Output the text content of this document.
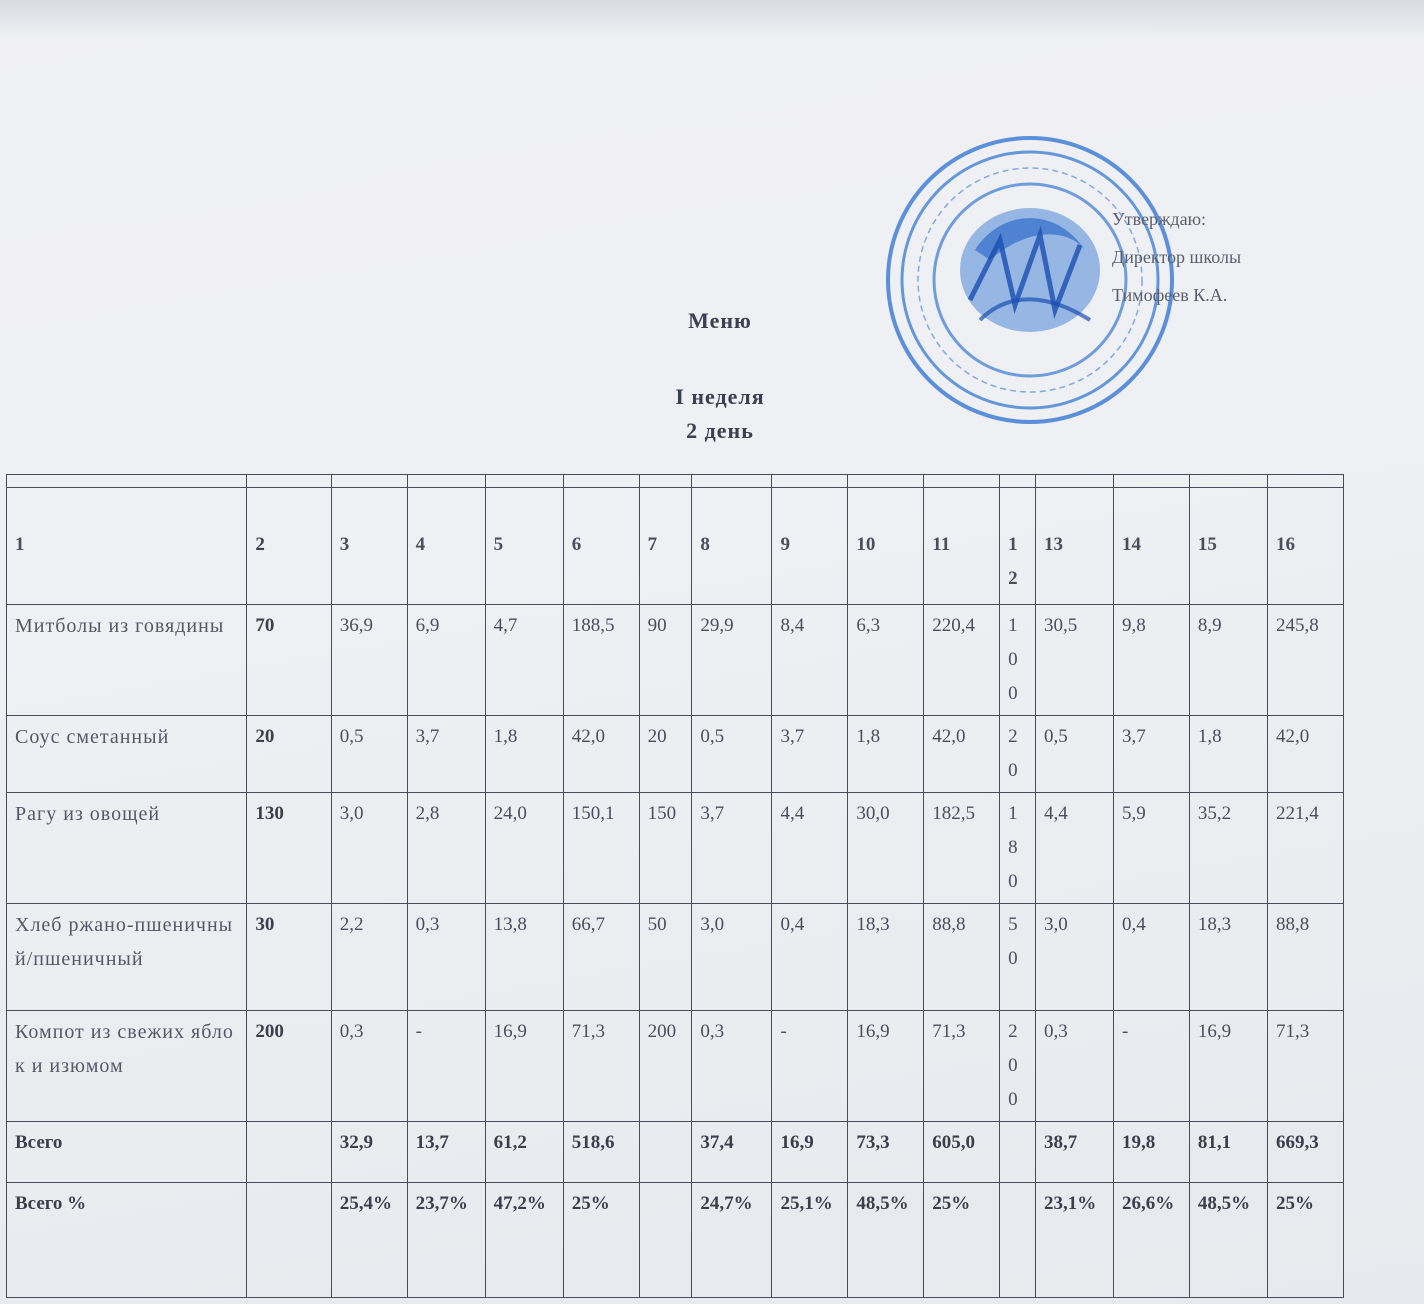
Утверждаю:
Директор школы
Тимофеев К.А.
Меню
I неделя
2 день

1	2	3	4	5	6	7	8	9	10	11	12	13	14	15	16
Митболы из говядины	70	36,9	6,9	4,7	188,5	90	29,9	8,4	6,3	220,4	100	30,5	9,8	8,9	245,8
Соус сметанный	20	0,5	3,7	1,8	42,0	20	0,5	3,7	1,8	42,0	20	0,5	3,7	1,8	42,0
Рагу из овощей	130	3,0	2,8	24,0	150,1	150	3,7	4,4	30,0	182,5	180	4,4	5,9	35,2	221,4
Хлеб ржано-пшеничный/пшеничный	30	2,2	0,3	13,8	66,7	50	3,0	0,4	18,3	88,8	50	3,0	0,4	18,3	88,8
Компот из свежих яблок и изюмом	200	0,3	-	16,9	71,3	200	0,3	-	16,9	71,3	200	0,3	-	16,9	71,3
Всего		32,9	13,7	61,2	518,6		37,4	16,9	73,3	605,0		38,7	19,8	81,1	669,3
Всего %		25,4%	23,7%	47,2%	25%		24,7%	25,1%	48,5%	25%		23,1%	26,6%	48,5%	25%
